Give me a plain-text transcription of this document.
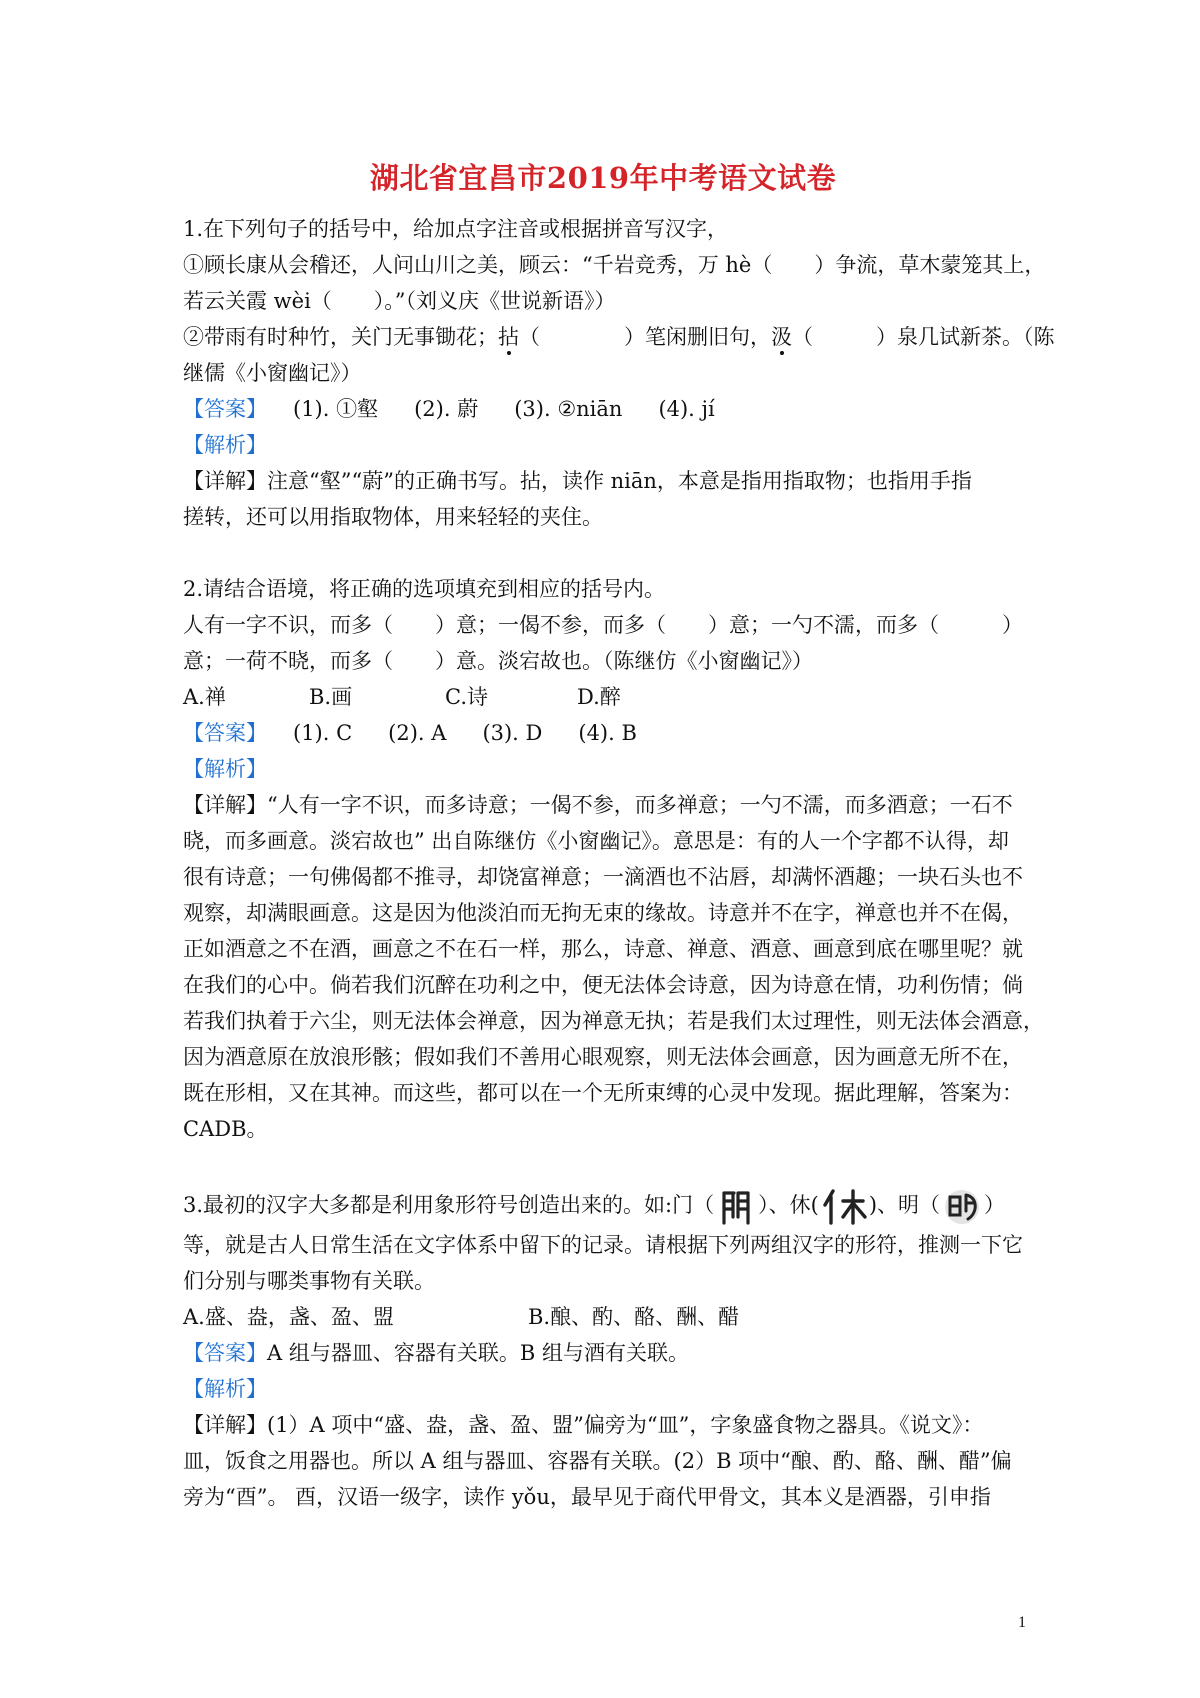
湖北省宜昌市2019年中考语文试卷

1.在下列句子的括号中，给加点字注音或根据拼音写汉字，

①顾长康从会稽还，人问山川之美，顾云：“千岩竞秀，万 hè（　　）争流，草木蒙笼其上，

若云关霞 wèi（　　）。”（刘义庆《世说新语》）

②带雨有时种竹，关门无事锄花；拈（　　　　）笔闲删旧句，汲（　　　）泉几试新茶。（陈

继儒《小窗幽记》）

【答案】 (1). ①壑 (2). 蔚 (3). ②niān (4). jí

【解析】

【详解】注意“壑”“蔚”的正确书写。拈，读作 niān，本意是指用指取物；也指用手指

搓转，还可以用指取物体，用来轻轻的夹住。

2.请结合语境，将正确的选项填充到相应的括号内。

人有一字不识，而多（　　）意；一偈不参，而多（　　）意；一勺不濡，而多（　　　）

意；一荷不晓，而多（　　）意。淡宕故也。（陈继仿《小窗幽记》）

A.禅	B.画	C.诗	D.醉

【答案】 (1). C (2). A (3). D (4). B

【解析】

【详解】“人有一字不识，而多诗意；一偈不参，而多禅意；一勺不濡，而多酒意；一石不

晓，而多画意。淡宕故也” 出自陈继仿《小窗幽记》。意思是：有的人一个字都不认得，却

很有诗意；一句佛偈都不推寻，却饶富禅意；一滴酒也不沾唇，却满怀酒趣；一块石头也不

观察，却满眼画意。这是因为他淡泊而无拘无束的缘故。诗意并不在字，禅意也并不在偈，

正如酒意之不在酒，画意之不在石一样，那么，诗意、禅意、酒意、画意到底在哪里呢？就

在我们的心中。倘若我们沉醉在功利之中，便无法体会诗意，因为诗意在情，功利伤情；倘

若我们执着于六尘，则无法体会禅意，因为禅意无执；若是我们太过理性，则无法体会酒意，

因为酒意原在放浪形骸；假如我们不善用心眼观察，则无法体会画意，因为画意无所不在，

既在形相，又在其神。而这些，都可以在一个无所束缚的心灵中发现。据此理解，答案为：

CADB。

3.最初的汉字大多都是利用象形符号创造出来的。如:门（ ）、休( )、明（ ）

等，就是古人日常生活在文字体系中留下的记录。请根据下列两组汉字的形符，推测一下它

们分别与哪类事物有关联。

A.盛、盎，盏、盈、盟	B.酿、酌、酪、酬、醋

【答案】A 组与器皿、容器有关联。B 组与酒有关联。

【解析】

【详解】(1）A 项中“盛、盎，盏、盈、盟”偏旁为“皿”，字象盛食物之器具。《说文》：

皿，饭食之用器也。所以 A 组与器皿、容器有关联。(2）B 项中“酿、酌、酪、酬、醋”偏

旁为“酉”。 酉，汉语一级字，读作 yǒu，最早见于商代甲骨文，其本义是酒器，引申指

1
